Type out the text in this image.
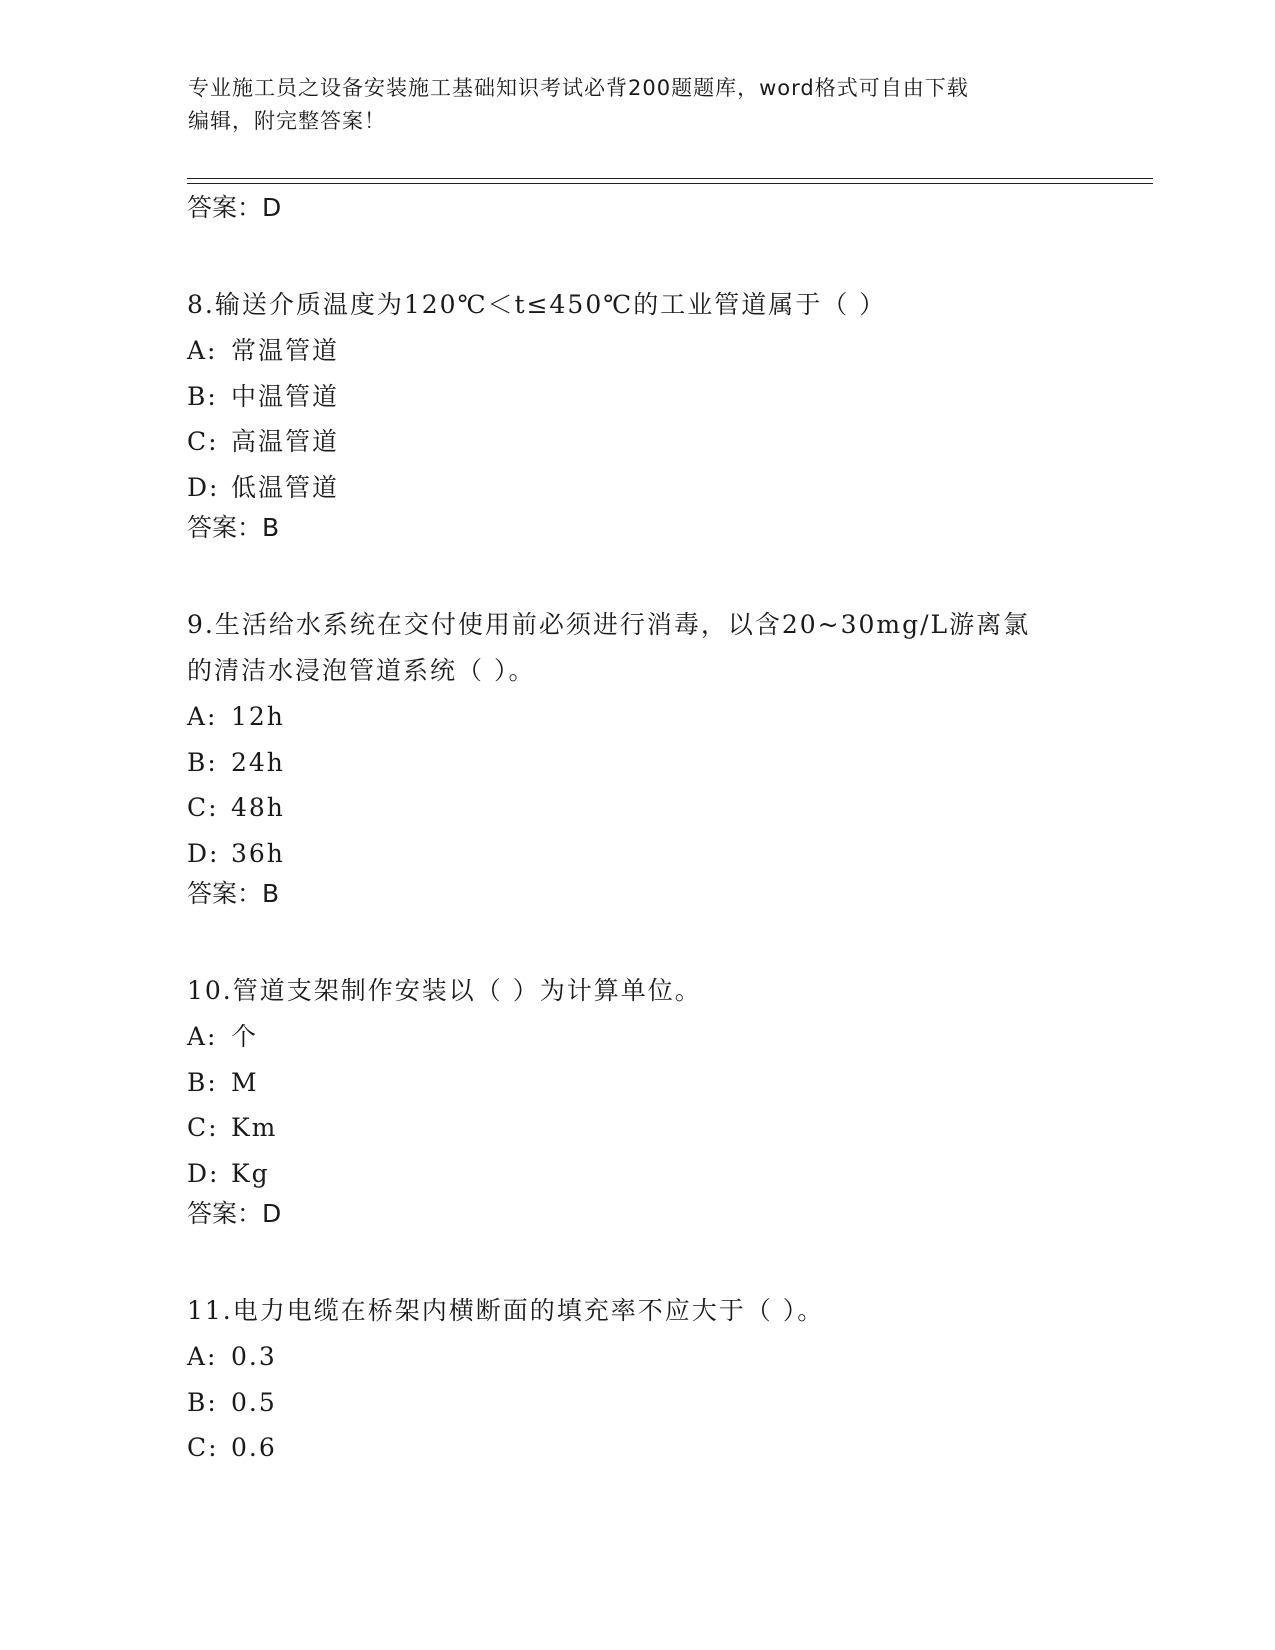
专业施工员之设备安装施工基础知识考试必背200题题库，word格式可自由下载
编辑，附完整答案！
答案：D
8.输送介质温度为120℃＜t≤450℃的工业管道属于（ ）
A: 常温管道
B: 中温管道
C: 高温管道
D: 低温管道
答案：B
9.生活给水系统在交付使用前必须进行消毒，以含20~30mg/L游离氯
的清洁水浸泡管道系统（ ）。
A: 12h
B: 24h
C: 48h
D: 36h
答案：B
10.管道支架制作安装以（ ）为计算单位。
A: 个
B: M
C: Km
D: Kg
答案：D
11.电力电缆在桥架内横断面的填充率不应大于（ ）。
A: 0.3
B: 0.5
C: 0.6
